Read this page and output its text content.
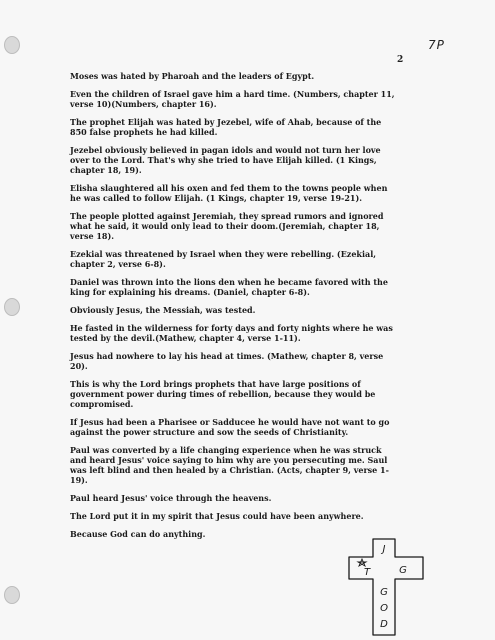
2
7P

Moses was hated by Pharoah and the leaders of Egypt.

Even the children of Israel gave him a hard time. (Numbers, chapter 11, verse 10)(Numbers, chapter 16).

The prophet Elijah was hated by Jezebel, wife of Ahab, because of the 850 false prophets he had killed.

Jezebel obviously believed in pagan idols and would not turn her love over to the Lord. That's why she tried to have Elijah killed. (1 Kings, chapter 18, 19).

Elisha slaughtered all his oxen and fed them to the towns people when he was called to follow Elijah. (1 Kings, chapter 19, verse 19-21).

The people plotted against Jeremiah, they spread rumors and ignored what he said, it would only lead to their doom.(Jeremiah, chapter 18, verse 18).

Ezekial was threatened by Israel when they were rebelling. (Ezekial, chapter 2, verse 6-8).

Daniel was thrown into the lions den when he became favored with the king for explaining his dreams. (Daniel, chapter 6-8).

Obviously Jesus, the Messiah, was tested.

He fasted in the wilderness for forty days and forty nights where he was tested by the devil.(Mathew, chapter 4, verse 1-11).

Jesus had nowhere to lay his head at times. (Mathew, chapter 8, verse 20).

This is why the Lord brings prophets that have large positions of government power during times of rebellion, because they would be compromised.

If Jesus had been a Pharisee or Sadducee he would have not want to go against the power structure and sow the seeds of Christianity.

Paul was converted by a life changing experience when he was struck and heard Jesus' voice saying to him why are you persecuting me. Saul was left blind and then healed by a Christian. (Acts, chapter 9, verse 1-19).

Paul heard Jesus' voice through the heavens.

The Lord put it in my spirit that Jesus could have been anywhere.

Because God can do anything.

J
T	G
G
O
D
